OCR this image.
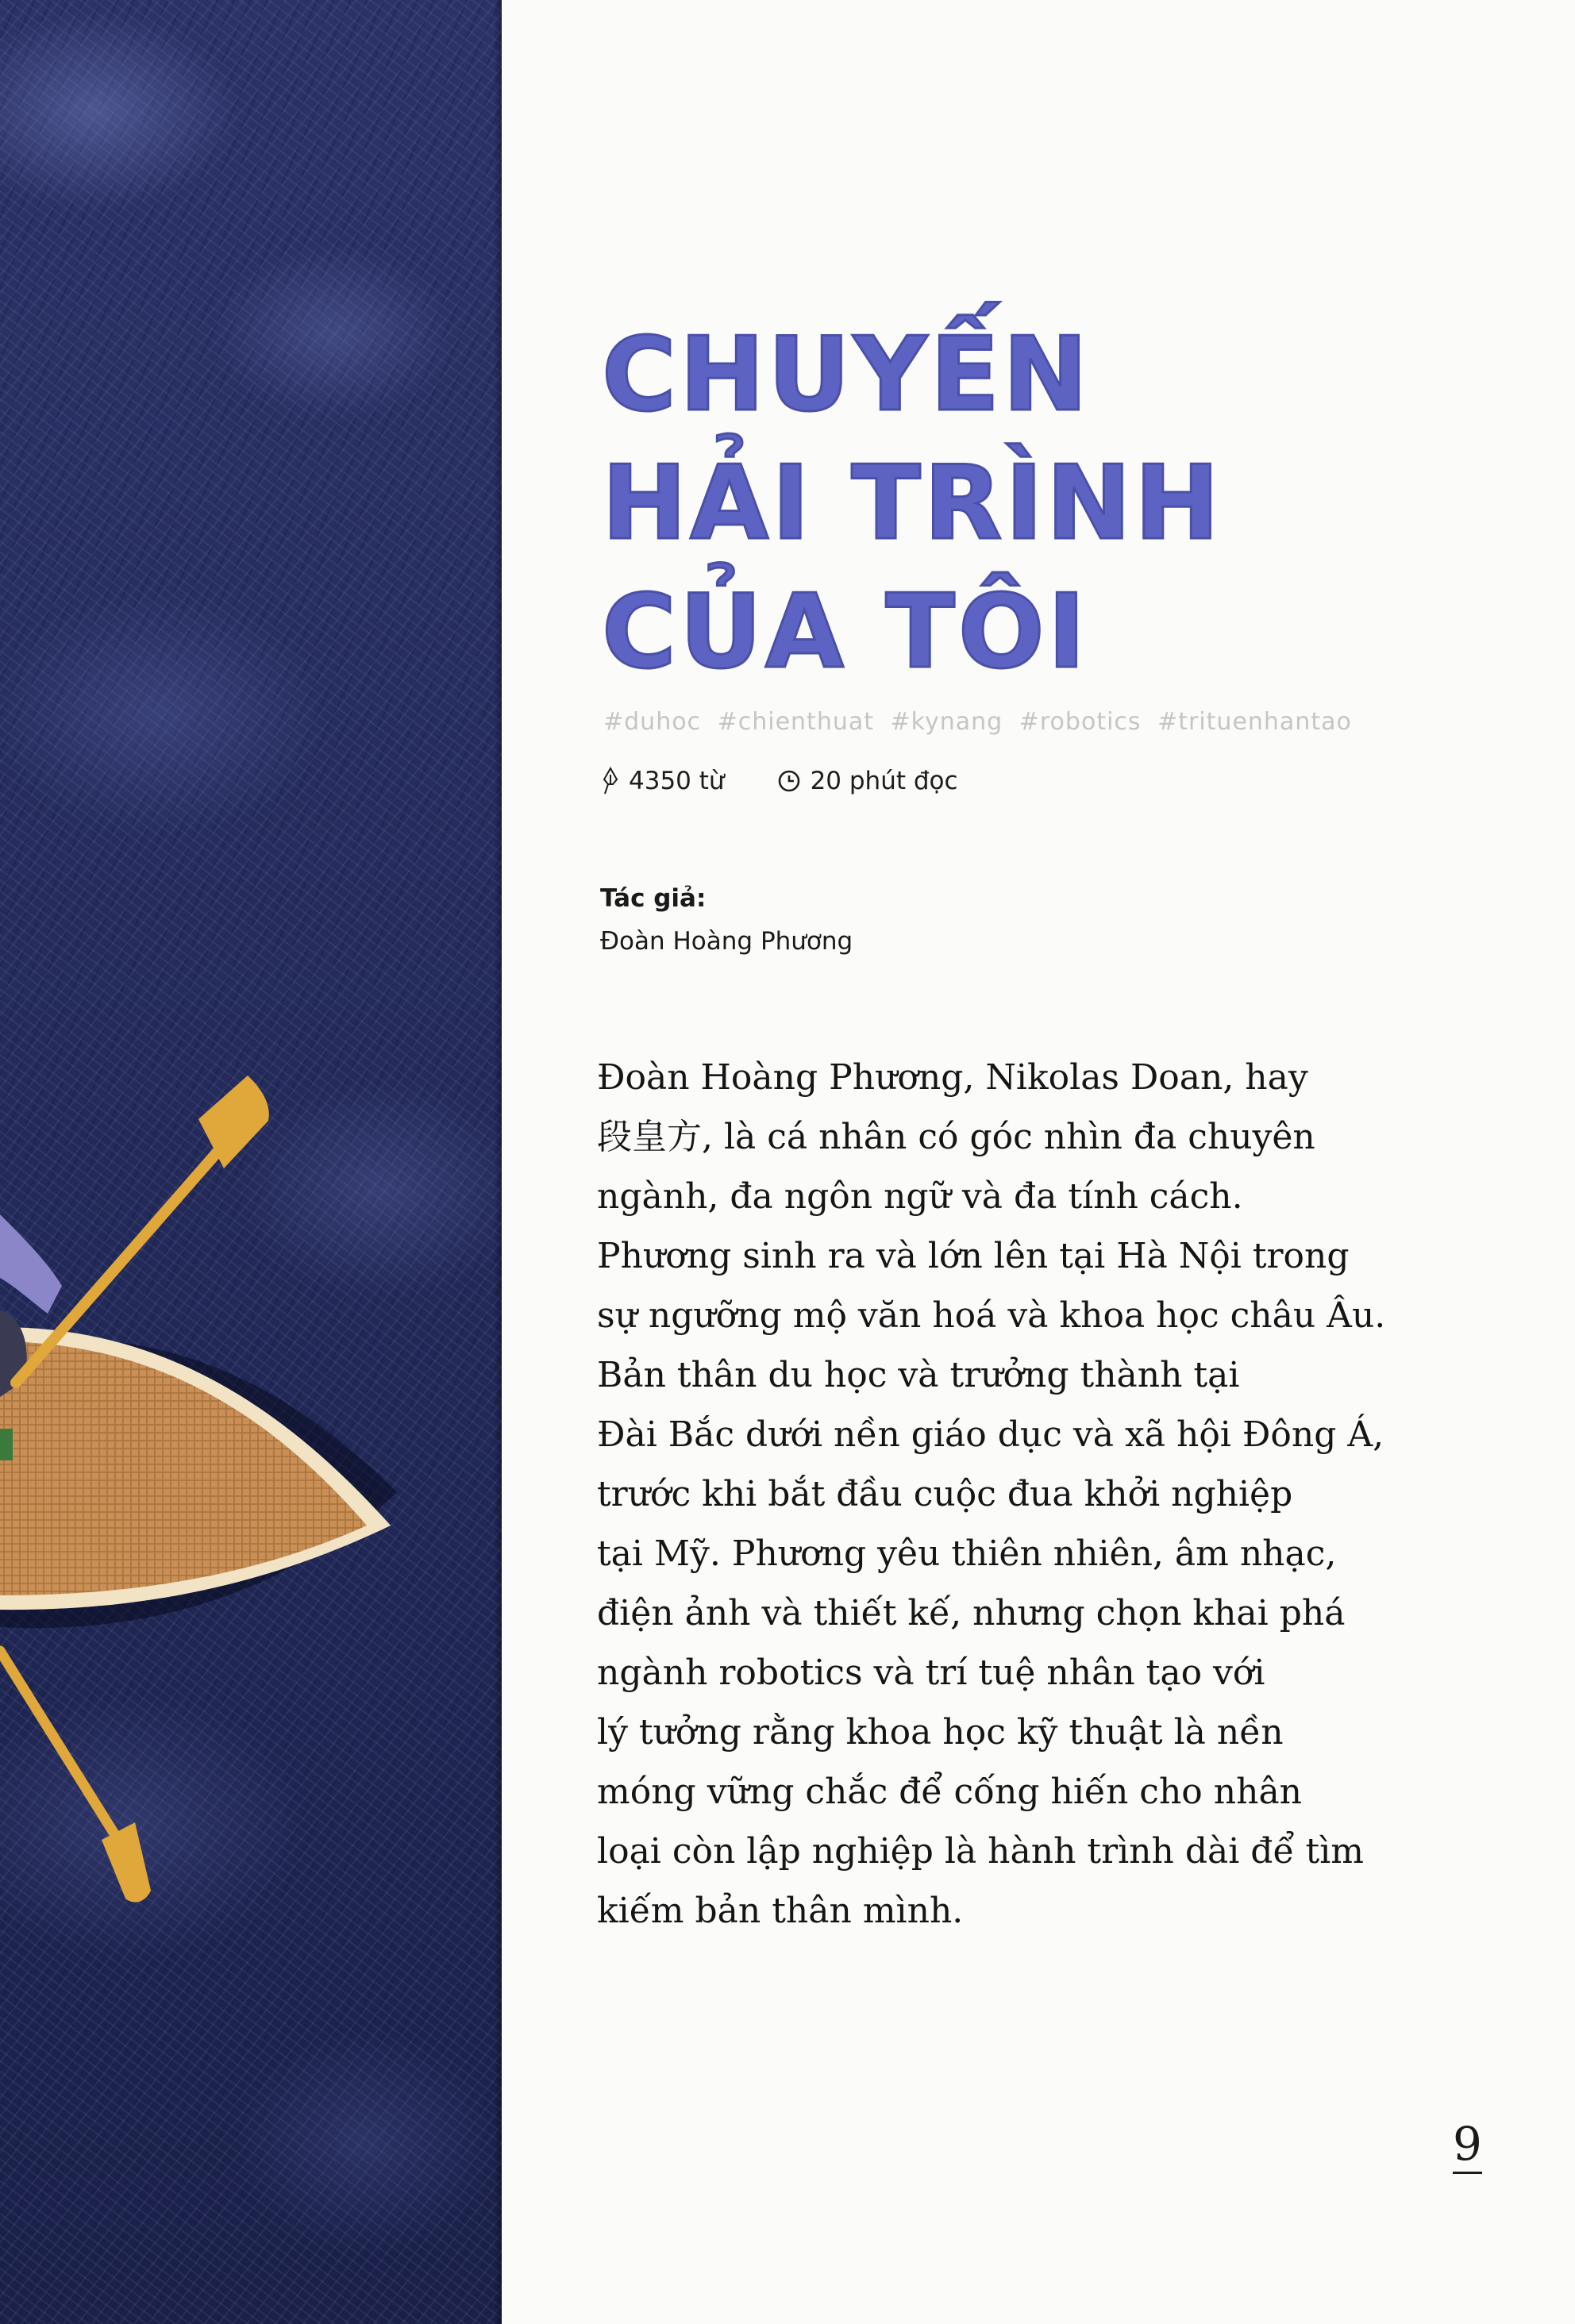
CHUYẾN
HẢI TRÌNH
CỦA TÔI
#duhoc #chienthuat #kynang #robotics #trituenhantao
4350 từ	20 phút đọc
Tác giả:
Đoàn Hoàng Phương
Đoàn Hoàng Phương, Nikolas Doan, hay
段皇方, là cá nhân có góc nhìn đa chuyên
ngành, đa ngôn ngữ và đa tính cách.
Phương sinh ra và lớn lên tại Hà Nội trong
sự ngưỡng mộ văn hoá và khoa học châu Âu.
Bản thân du học và trưởng thành tại
Đài Bắc dưới nền giáo dục và xã hội Đông Á,
trước khi bắt đầu cuộc đua khởi nghiệp
tại Mỹ. Phương yêu thiên nhiên, âm nhạc,
điện ảnh và thiết kế, nhưng chọn khai phá
ngành robotics và trí tuệ nhân tạo với
lý tưởng rằng khoa học kỹ thuật là nền
móng vững chắc để cống hiến cho nhân
loại còn lập nghiệp là hành trình dài để tìm
kiếm bản thân mình.
9
